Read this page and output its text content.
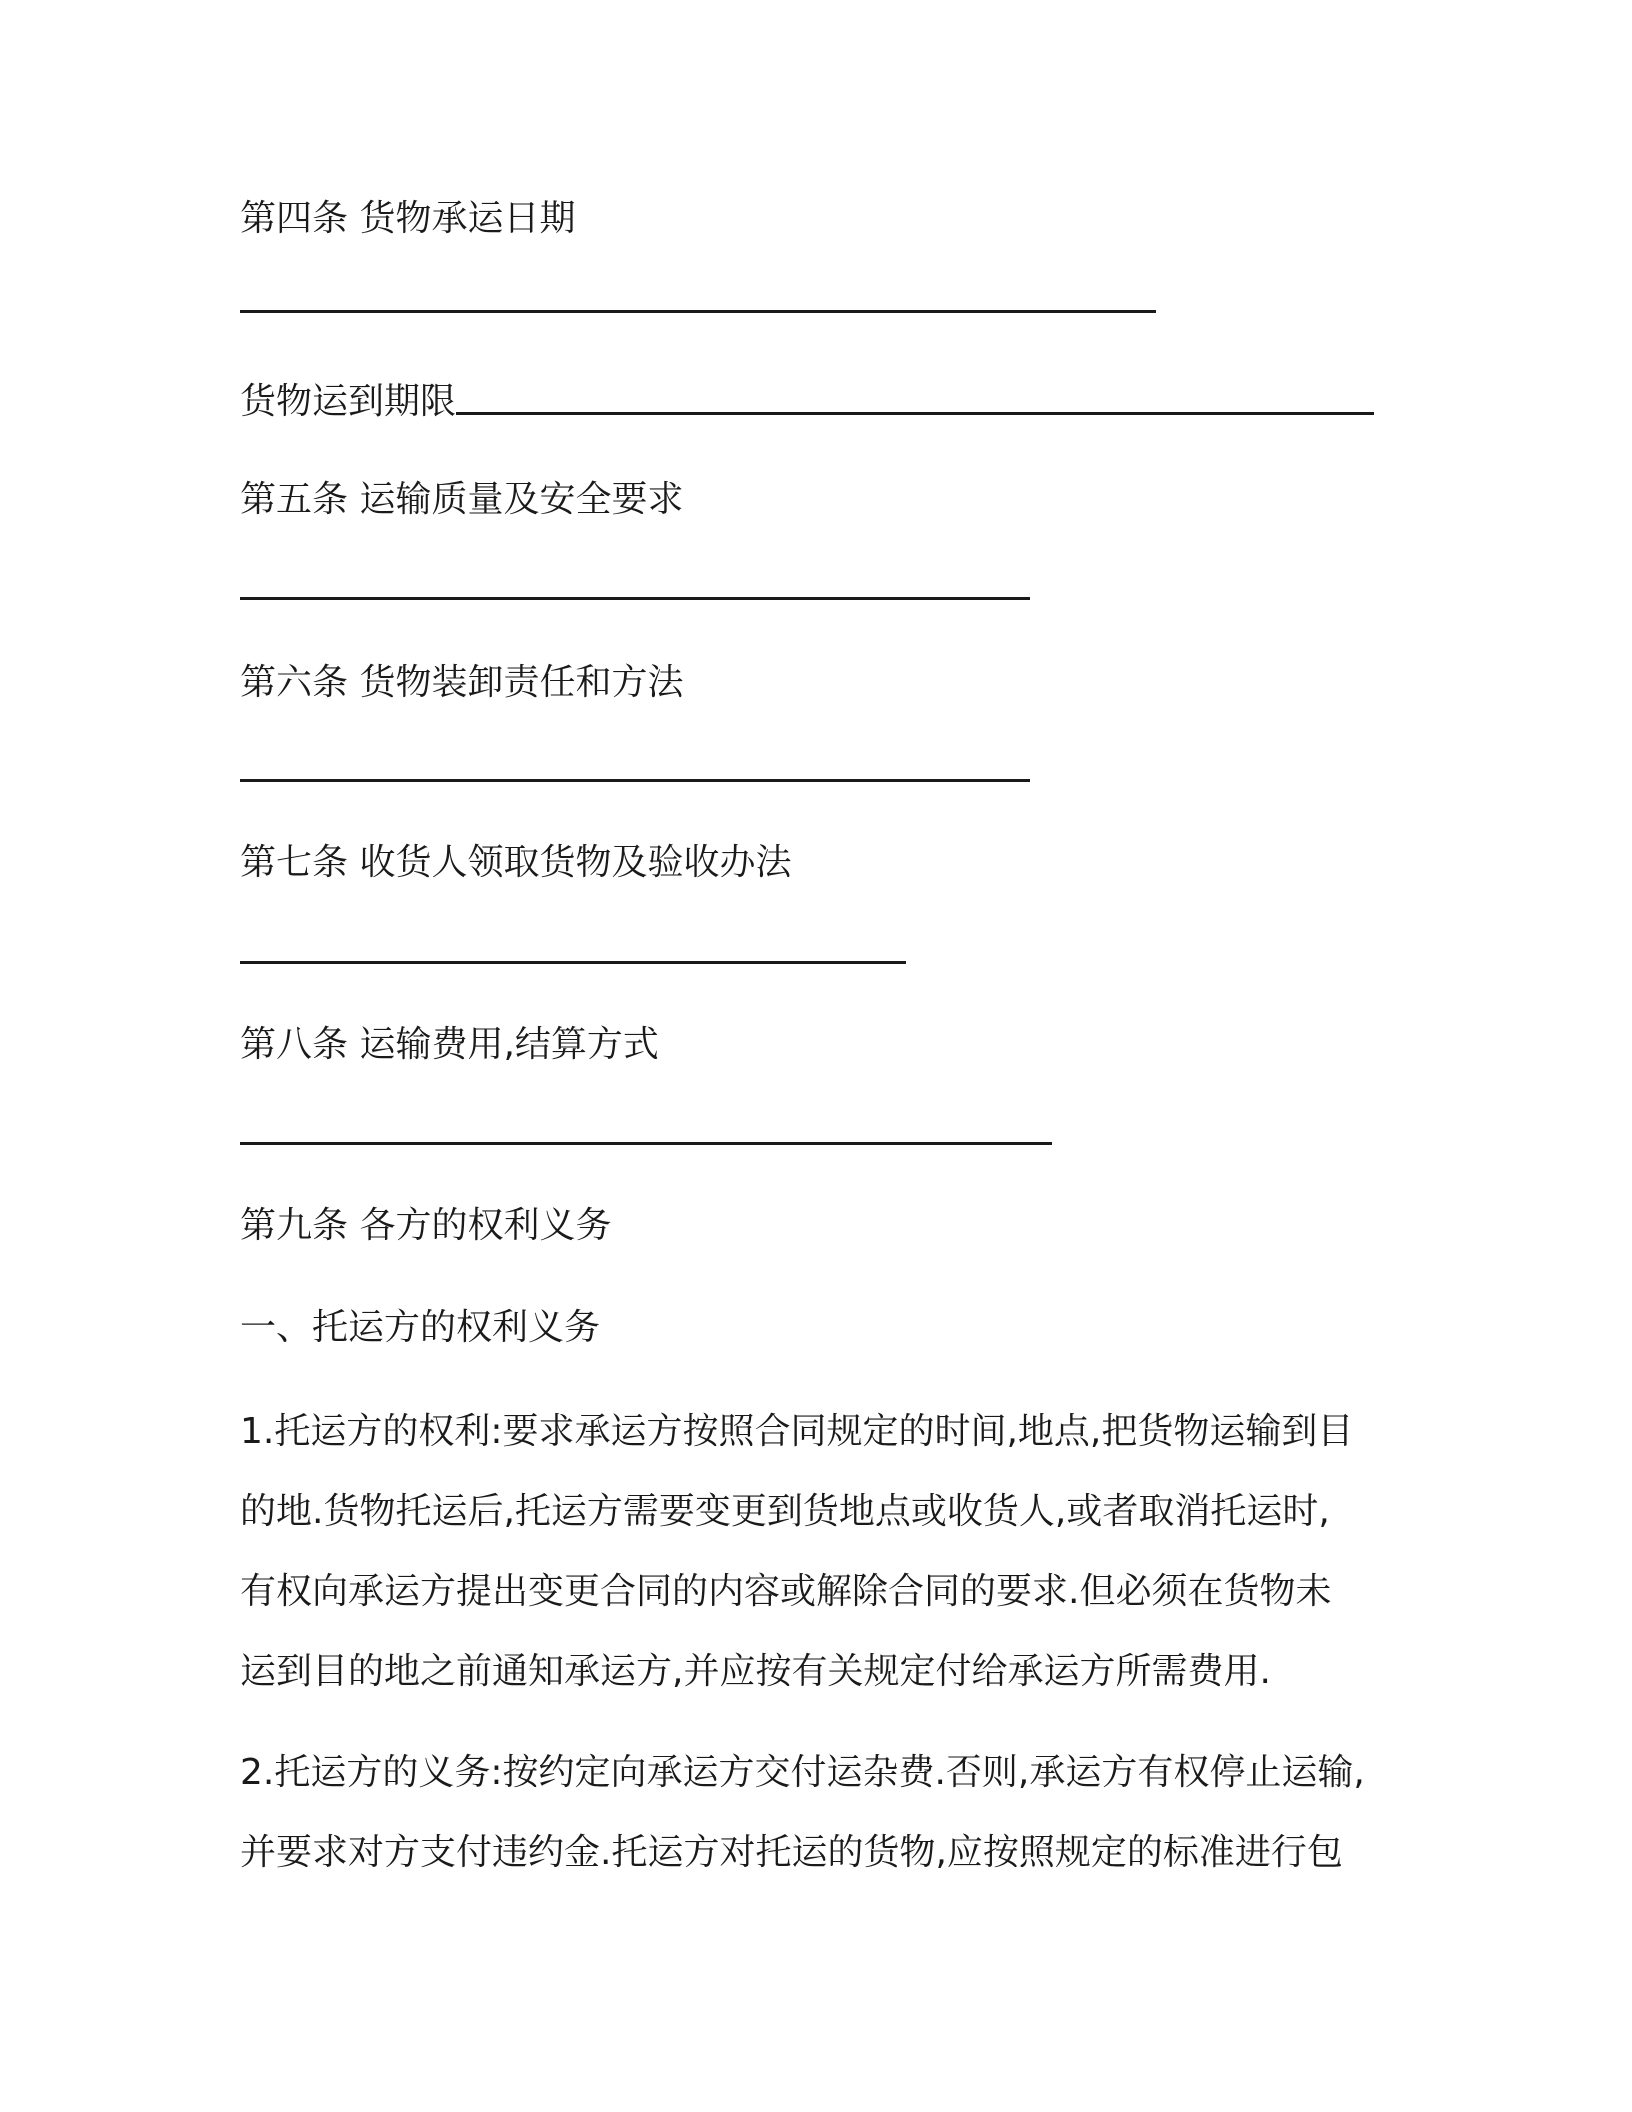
第四条 货物承运日期
货物运到期限
第五条 运输质量及安全要求
第六条 货物装卸责任和方法
第七条 收货人领取货物及验收办法
第八条 运输费用,结算方式
第九条 各方的权利义务
一、托运方的权利义务
1.托运方的权利:要求承运方按照合同规定的时间,地点,把货物运输到目
的地.货物托运后,托运方需要变更到货地点或收货人,或者取消托运时,
有权向承运方提出变更合同的内容或解除合同的要求.但必须在货物未
运到目的地之前通知承运方,并应按有关规定付给承运方所需费用.
2.托运方的义务:按约定向承运方交付运杂费.否则,承运方有权停止运输,
并要求对方支付违约金.托运方对托运的货物,应按照规定的标准进行包
